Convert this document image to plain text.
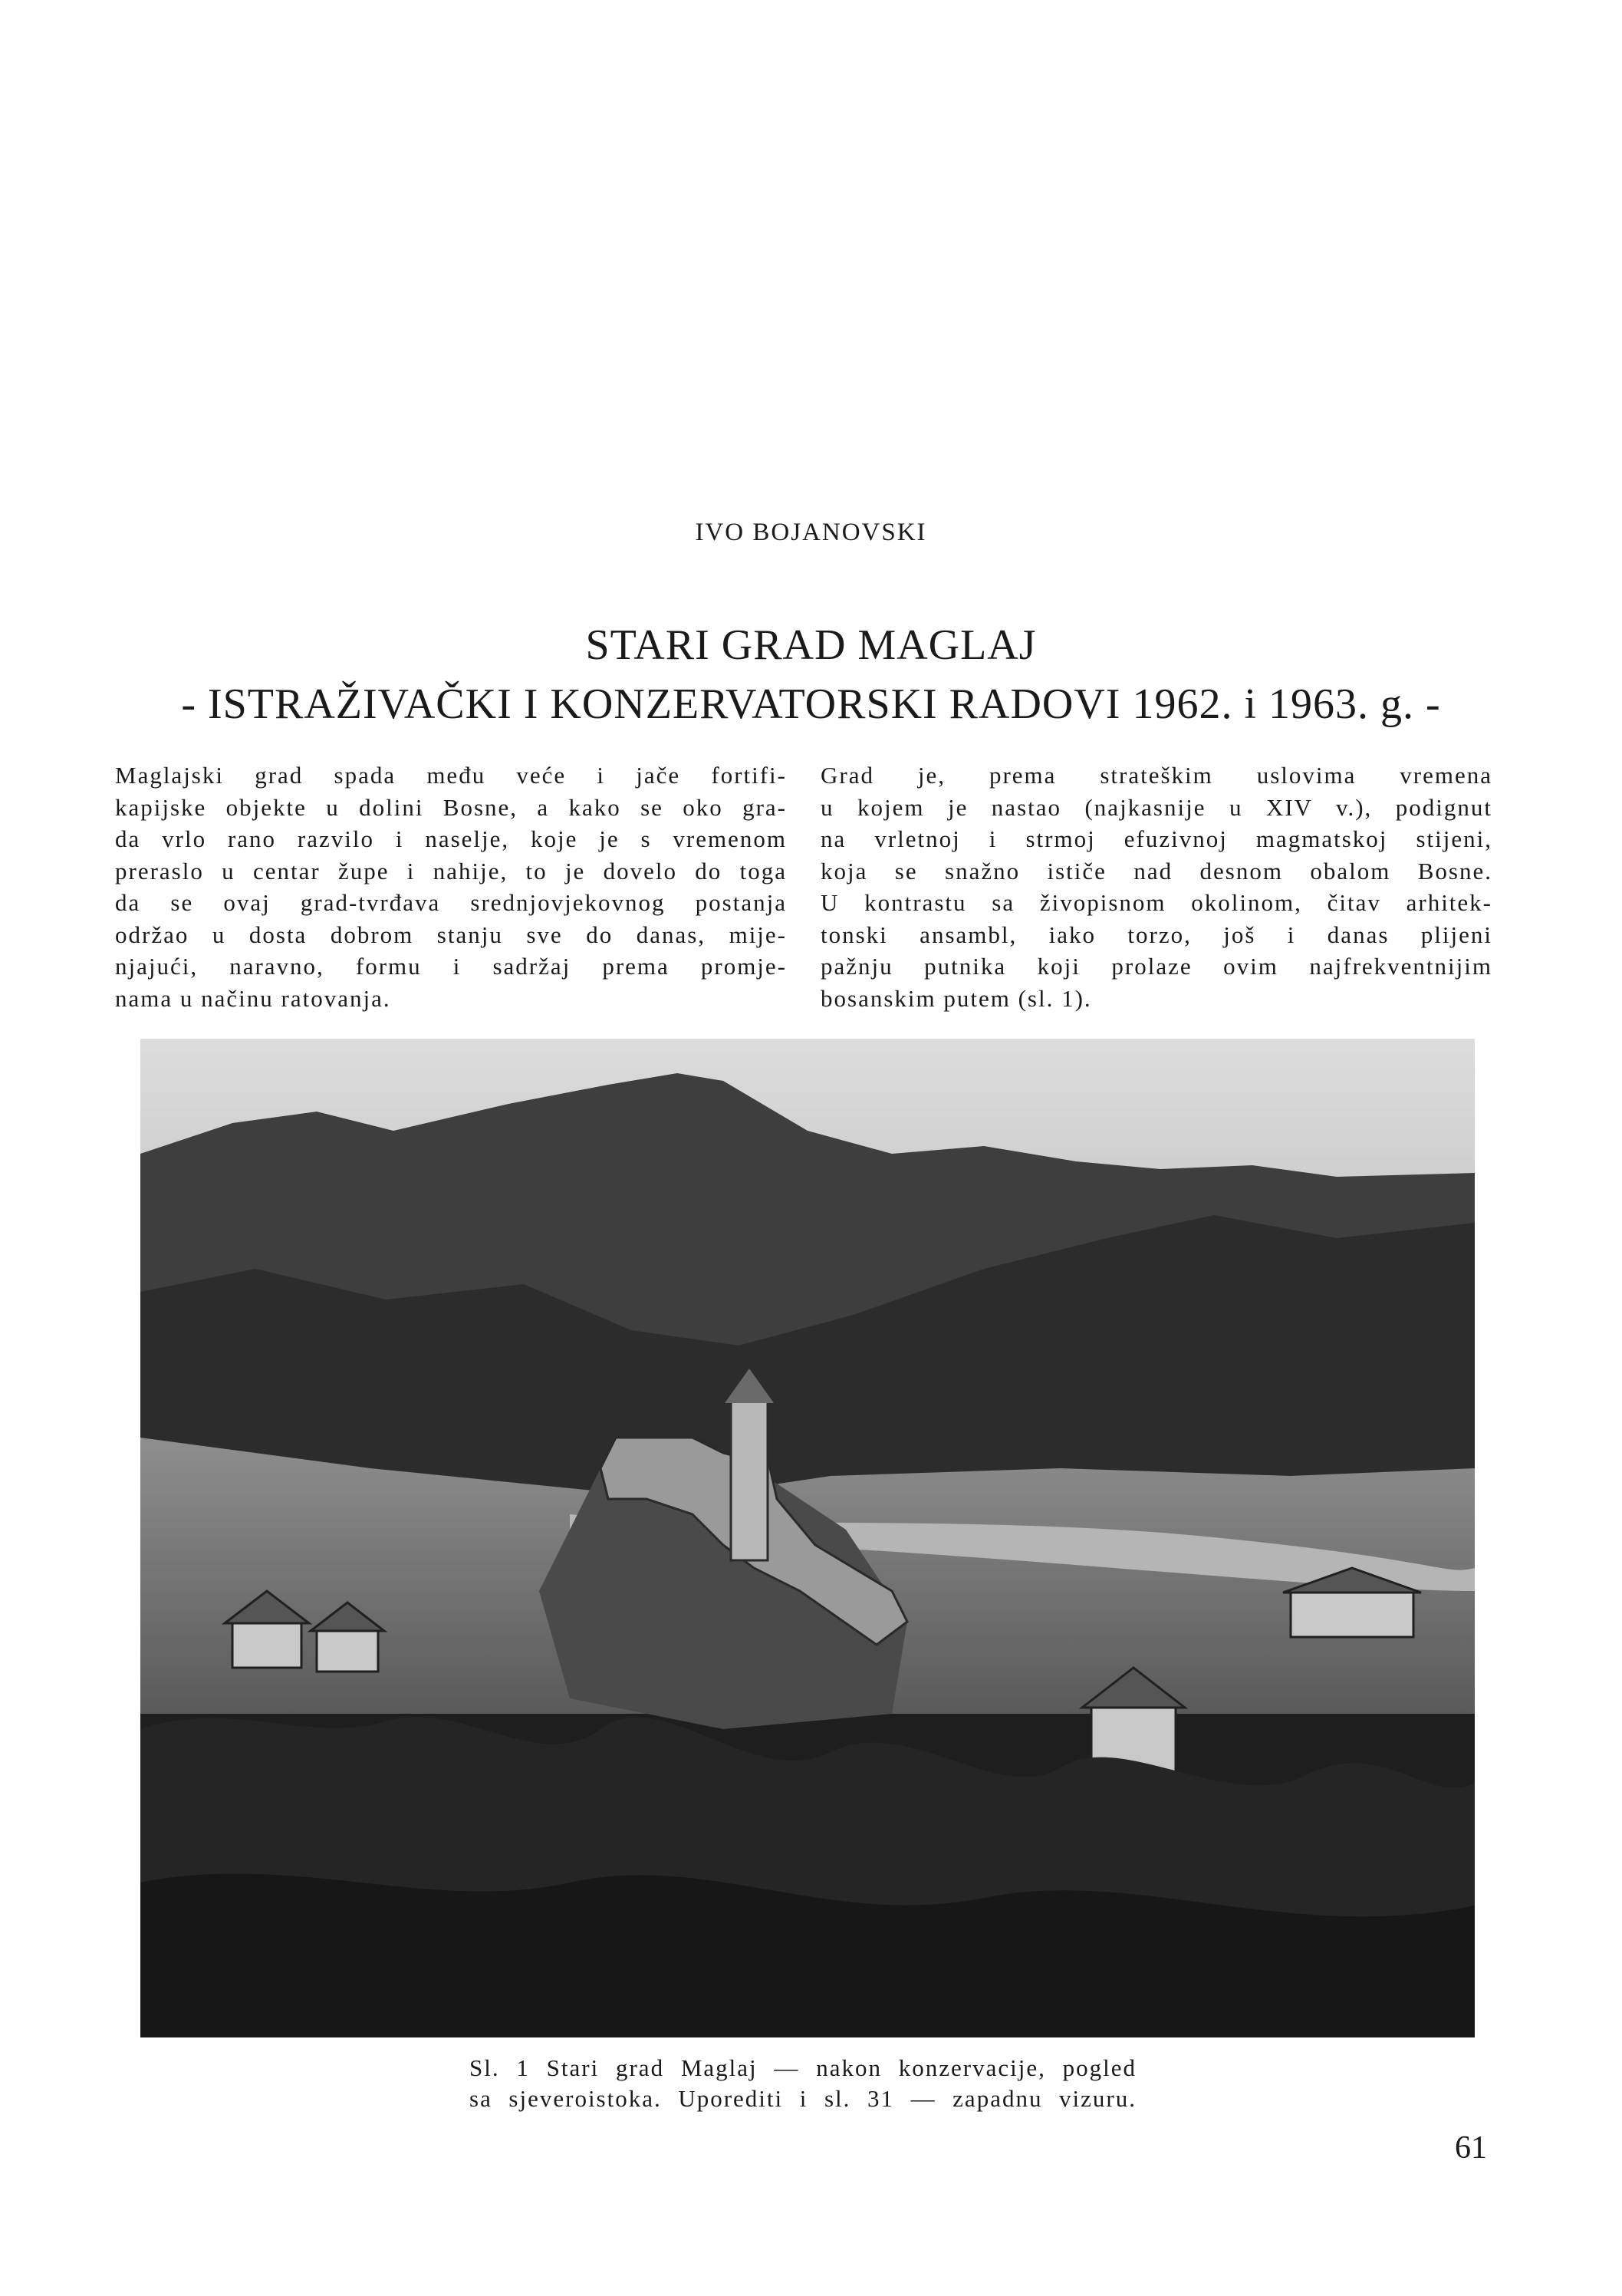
IVO BOJANOVSKI
STARI GRAD MAGLAJ
- ISTRAŽIVAČKI I KONZERVATORSKI RADOVI 1962. i 1963. g. -
Maglajski grad spada među veće i jače fortifi-
kapijske objekte u dolini Bosne, a kako se oko gra-
da vrlo rano razvilo i naselje, koje je s vremenom
preraslo u centar župe i nahije, to je dovelo do toga
da se ovaj grad-tvrđava srednjovjekovnog postanja
održao u dosta dobrom stanju sve do danas, mije-
njajući, naravno, formu i sadržaj prema promje-
nama u načinu ratovanja.
Grad je, prema strateškim uslovima vremena
u kojem je nastao (najkasnije u XIV v.), podignut
na vrletnoj i strmoj efuzivnoj magmatskoj stijeni,
koja se snažno ističe nad desnom obalom Bosne.
U kontrastu sa živopisnom okolinom, čitav arhitek-
tonski ansambl, iako torzo, još i danas plijeni
pažnju putnika koji prolaze ovim najfrekventnijim
bosanskim putem (sl. 1).
Sl. 1 Stari grad Maglaj — nakon konzervacije, pogled
sa sjeveroistoka. Uporediti i sl. 31 — zapadnu vizuru.
61
